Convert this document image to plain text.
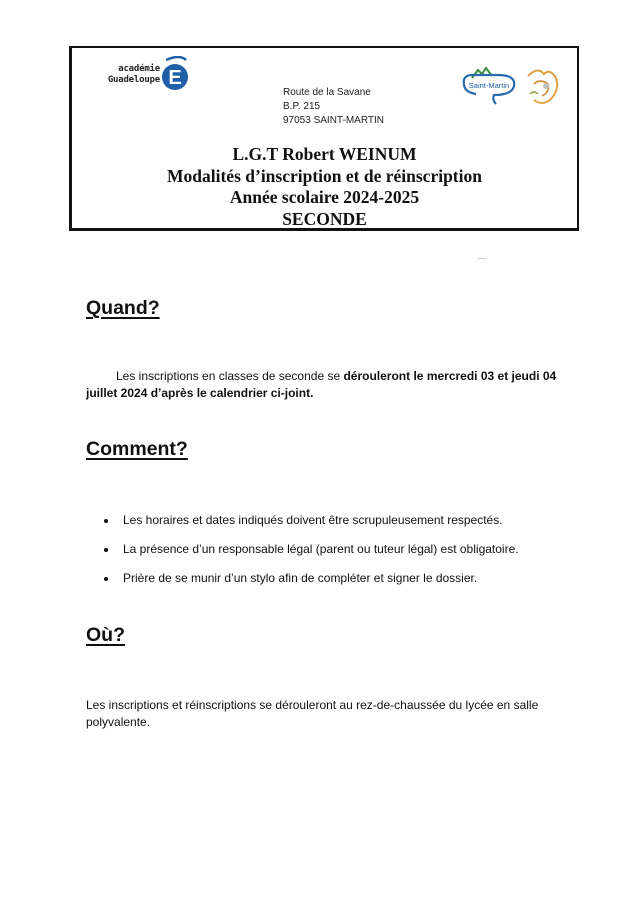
académie
Guadeloupe E
Route de la Savane
B.P. 215
97053 SAINT-MARTIN
Saint-Martin
L.G.T Robert WEINUM
Modalités d’inscription et de réinscription
Année scolaire 2024-2025
SECONDE
Quand?

Les inscriptions en classes de seconde se dérouleront le mercredi 03 et jeudi 04 juillet 2024 d’après le calendrier ci-joint.

Comment?
Les horaires et dates indiqués doivent être scrupuleusement respectés.
La présence d’un responsable légal (parent ou tuteur légal) est obligatoire.
Prière de se munir d’un stylo afin de compléter et signer le dossier.
Où?

Les inscriptions et réinscriptions se dérouleront au rez-de-chaussée du lycée en salle polyvalente.
